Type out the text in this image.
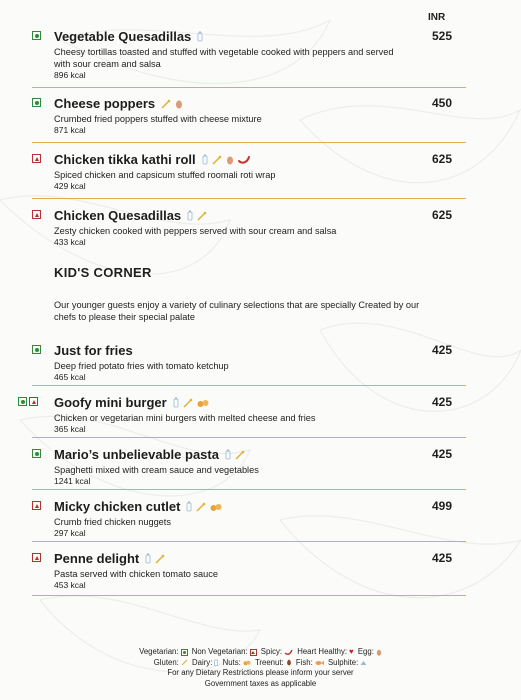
INR
Vegetable Quesadillas	525
Cheesy tortillas toasted and stuffed with vegetable cooked with peppers and served with sour cream and salsa
896 kcal
Cheese poppers	450
Crumbed fried poppers stuffed with cheese mixture
871 kcal
Chicken tikka kathi roll	625
Spiced chicken and capsicum stuffed roomali roti wrap
429 kcal
Chicken Quesadillas	625
Zesty chicken cooked with peppers served with sour cream and salsa
433 kcal
KID'S CORNER
Our younger guests enjoy a variety of culinary selections that are specially Created by our chefs to please their special palate
Just for fries	425
Deep fried potato fries with tomato ketchup
465 kcal
Goofy mini burger	425
Chicken or vegetarian mini burgers with melted cheese and fries
365 kcal
Mario’s unbelievable pasta	425
Spaghetti mixed with cream sauce and vegetables
1241 kcal
Micky chicken cutlet	499
Crumb fried chicken nuggets
297 kcal
Penne delight	425
Pasta served with chicken tomato sauce
453 kcal
Vegetarian:
Non Vegetarian:
Spicy:
Heart Healthy: ♥
Egg:
Gluten:
Dairy:
Nuts:
Treenut:
Fish:
Sulphite:
For any Dietary Restrictions please inform your server
Government taxes as applicable
